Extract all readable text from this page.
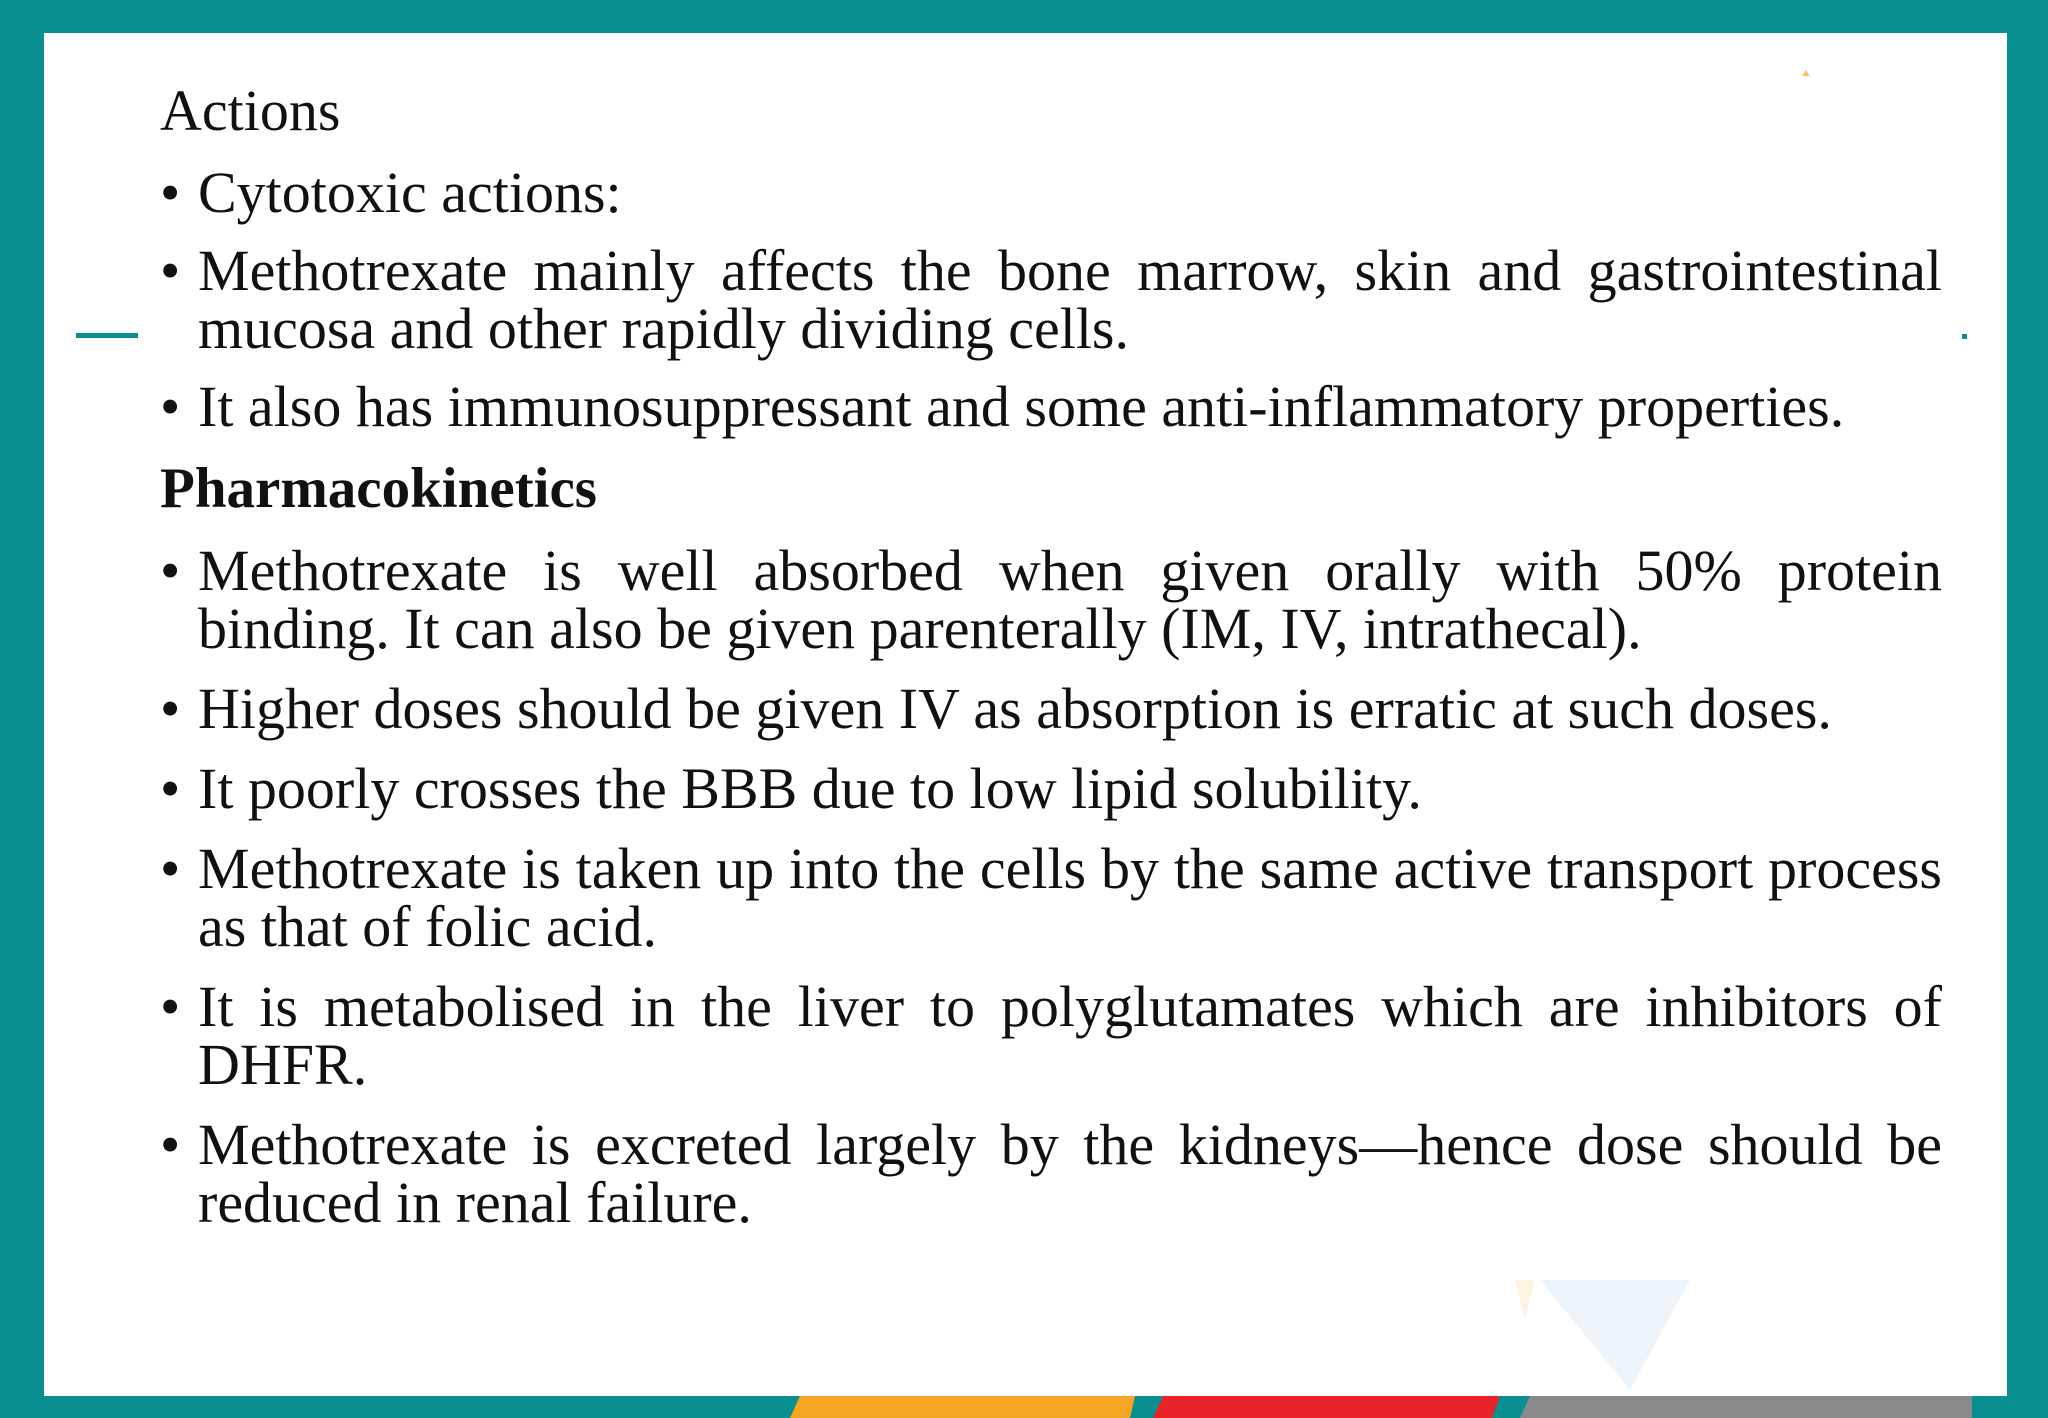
Actions
• Cytotoxic actions:
• Methotrexate mainly affects the bone marrow, skin and gastrointestinal mucosa and other rapidly dividing cells.
• It also has immunosuppressant and some anti-inflammatory properties.
Pharmacokinetics
• Methotrexate is well absorbed when given orally with 50% protein binding. It can also be given parenterally (IM, IV, intrathecal).
• Higher doses should be given IV as absorption is erratic at such doses.
• It poorly crosses the BBB due to low lipid solubility.
• Methotrexate is taken up into the cells by the same active transport process as that of folic acid.
• It is metabolised in the liver to polyglutamates which are inhibitors of DHFR.
• Methotrexate is excreted largely by the kidneys—hence dose should be reduced in renal failure.
